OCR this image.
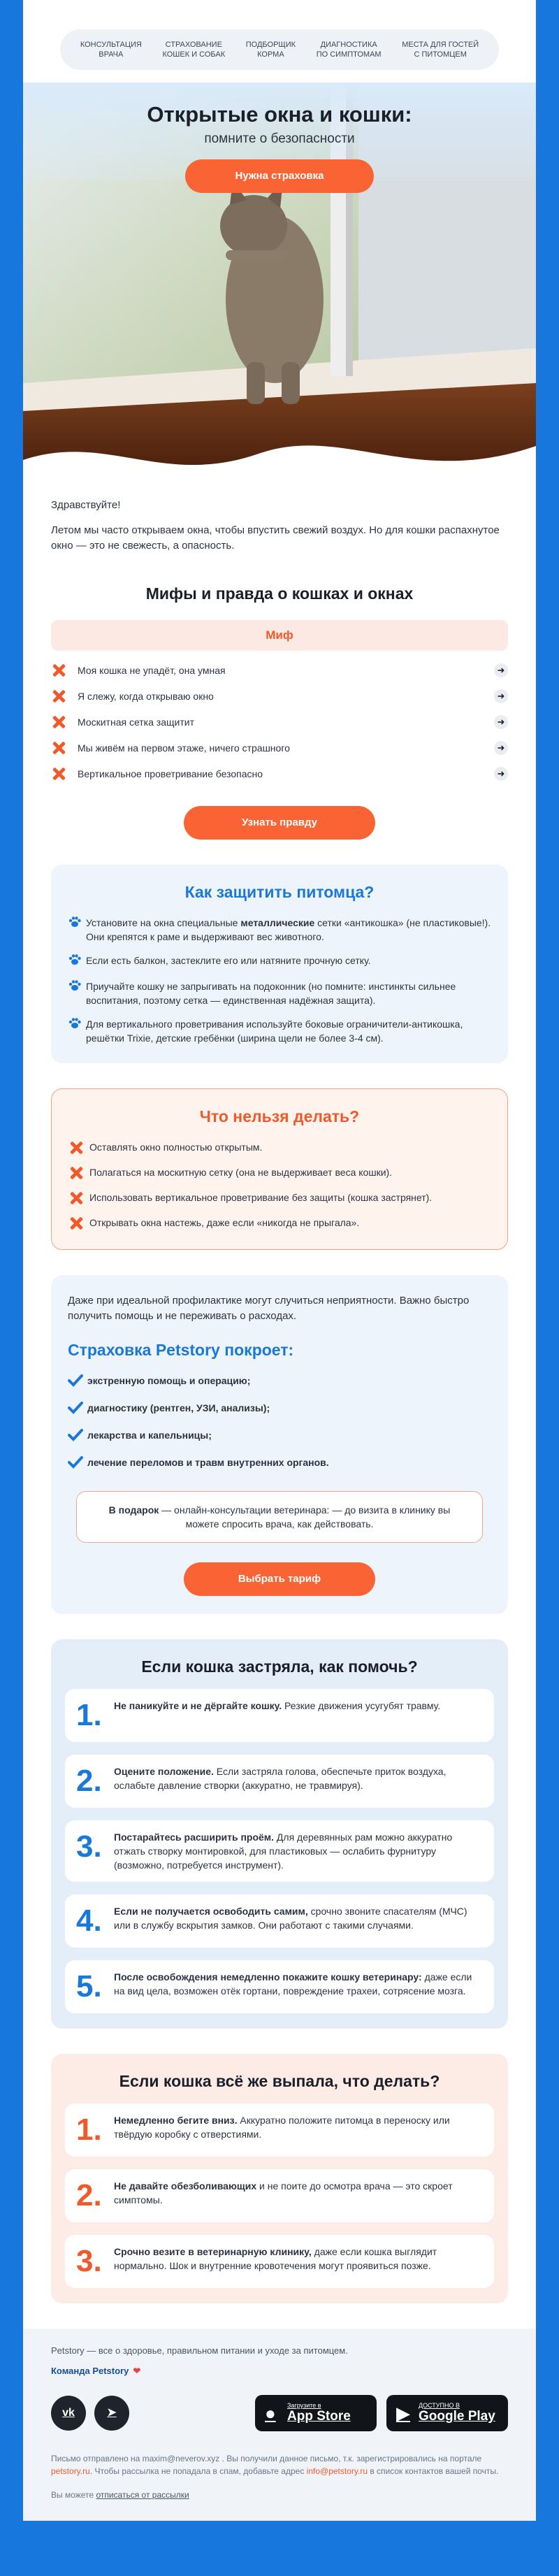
КОНСУЛЬТАЦИЯ
ВРАЧА
СТРАХОВАНИЕ
КОШЕК И СОБАК
ПОДБОРЩИК
КОРМА
ДИАГНОСТИКА
ПО СИМПТОМАМ
МЕСТА ДЛЯ ГОСТЕЙ
С ПИТОМЦЕМ
Открытые окна и кошки:
помните о безопасности
Нужна страховка

Здравствуйте!

Летом мы часто открываем окна, чтобы впустить свежий воздух. Но для кошки распахнутое окно — это не свежесть, а опасность.

Мифы и правда о кошках и окнах
Миф
Моя кошка не упадёт, она умная	➜
Я слежу, когда открываю окно	➜
Москитная сетка защитит	➜
Мы живём на первом этаже, ничего страшного	➜
Вертикальное проветривание безопасно	➜
Узнать правду
Как защитить питомца?
Установите на окна специальные металлические сетки «антикошка» (не пластиковые!). Они крепятся к раме и выдерживают вес животного.
Если есть балкон, застеклите его или натяните прочную сетку.
Приучайте кошку не запрыгивать на подоконник (но помните: инстинкты сильнее воспитания, поэтому сетка — единственная надёжная защита).
Для вертикального проветривания используйте боковые ограничители-антикошка, решётки Trixie, детские гребёнки (ширина щели не более 3-4 см).
Что нельзя делать?
Оставлять окно полностью открытым.
Полагаться на москитную сетку (она не выдерживает веса кошки).
Использовать вертикальное проветривание без защиты (кошка застрянет).
Открывать окна настежь, даже если «никогда не прыгала».

Даже при идеальной профилактике могут случиться неприятности. Важно быстро получить помощь и не переживать о расходах.

Страховка Petstory покроет:
экстренную помощь и операцию;
диагностику (рентген, УЗИ, анализы);
лекарства и капельницы;
лечение переломов и травм внутренних органов.
В подарок — онлайн-консультации ветеринара: — до визита в клинику вы можете спросить врача, как действовать.
Выбрать тариф
Если кошка застряла, как помочь?
1.	Не паникуйте и не дёргайте кошку. Резкие движения усугубят травму.
2.	Оцените положение. Если застряла голова, обеспечьте приток воздуха, ослабьте давление створки (аккуратно, не травмируя).
3.	Постарайтесь расширить проём. Для деревянных рам можно аккуратно отжать створку монтировкой, для пластиковых — ослабить фурнитуру (возможно, потребуется инструмент).
4.	Если не получается освободить самим, срочно звоните спасателям (МЧС) или в службу вскрытия замков. Они работают с такими случаями.
5.	После освобождения немедленно покажите кошку ветеринару: даже если на вид цела, возможен отёк гортани, повреждение трахеи, сотрясение мозга.
Если кошка всё же выпала, что делать?
1.	Немедленно бегите вниз. Аккуратно положите питомца в переноску или твёрдую коробку с отверстиями.
2.	Не давайте обезболивающих и не поите до осмотра врача — это скроет симптомы.
3.	Срочно везите в ветеринарную клинику, даже если кошка выглядит нормально. Шок и внутренние кровотечения могут проявиться позже.
Petstory — все о здоровье, правильном питании и уходе за питомцем.
Команда Petstory ❤
vk	➤	●	Загрузите в
App Store	▶	ДОСТУПНО В
Google Play
Письмо отправлено на maxim@neverov.xyz . Вы получили данное письмо, т.к. зарегистрировались на портале petstory.ru. Чтобы рассылка не попадала в спам, добавьте адрес info@petstory.ru в список контактов вашей почты.
Вы можете отписаться от рассылки
